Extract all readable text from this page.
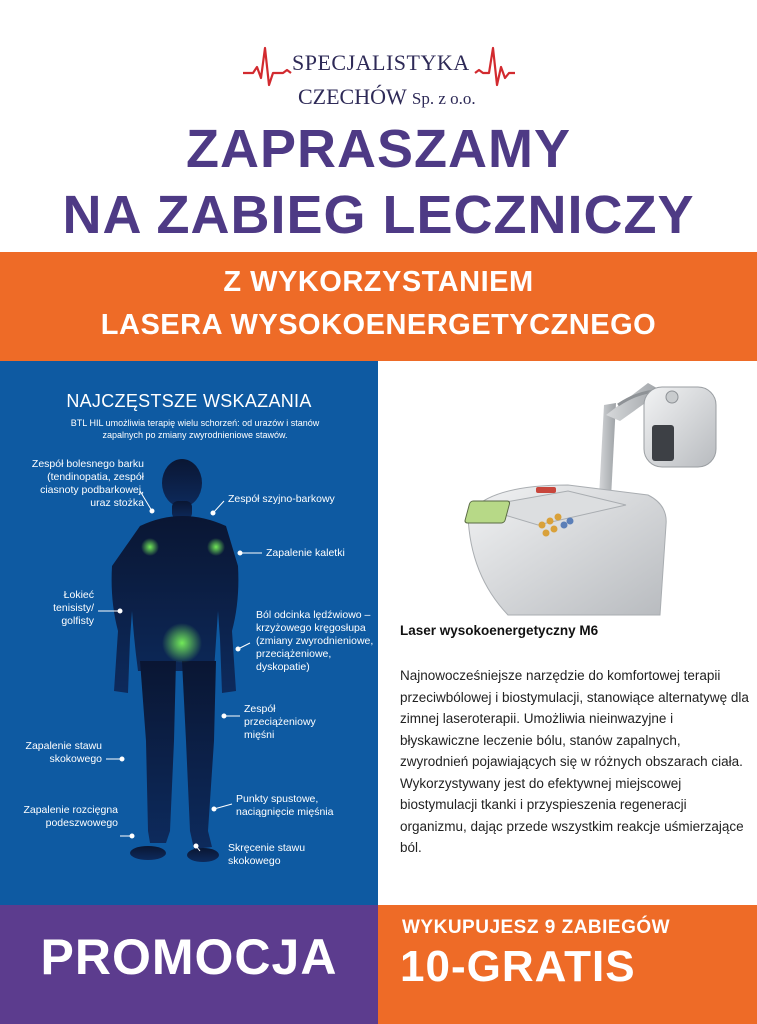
SPECJALISTYKA
CZECHÓW Sp. z o.o.
ZAPRASZAMY
NA ZABIEG LECZNICZY
Z WYKORZYSTANIEM
LASERA WYSOKOENERGETYCZNEGO
NAJCZĘSTSZE WSKAZANIA
BTL HIL umożliwia terapię wielu schorzeń: od urazów i stanów zapalnych po zmiany zwyrodnieniowe stawów.
Zespół bolesnego barku (tendinopatia, zespół ciasnoty podbarkowej, uraz stożka	Zespół szyjno-barkowy
Zapalenie kaletki
Łokieć tenisisty/ golfisty	Ból odcinka lędźwiowo – krzyżowego kręgosłupa (zmiany zwyrodnieniowe, przeciążeniowe, dyskopatie)
Zespół przeciążeniowy mięśni
Zapalenie stawu skokowego
Punkty spustowe, naciągnięcie mięśnia
Zapalenie rozcięgna podeszwowego
Skręcenie stawu skokowego
Laser wysokoenergetyczny M6
Najnowocześniejsze narzędzie do komfortowej terapii przeciwbólowej i biostymulacji, stanowiące alternatywę dla zimnej laseroterapii. Umożliwia nieinwazyjne i błyskawiczne leczenie bólu, stanów zapalnych, zwyrodnień pojawiających się w różnych obszarach ciała. Wykorzystywany jest do efektywnej miejscowej biostymulacji tkanki i przyspieszenia regeneracji organizmu, dając przede wszystkim reakcje uśmierzające ból.
PROMOCJA
WYKUPUJESZ 9 ZABIEGÓW
10-GRATIS
